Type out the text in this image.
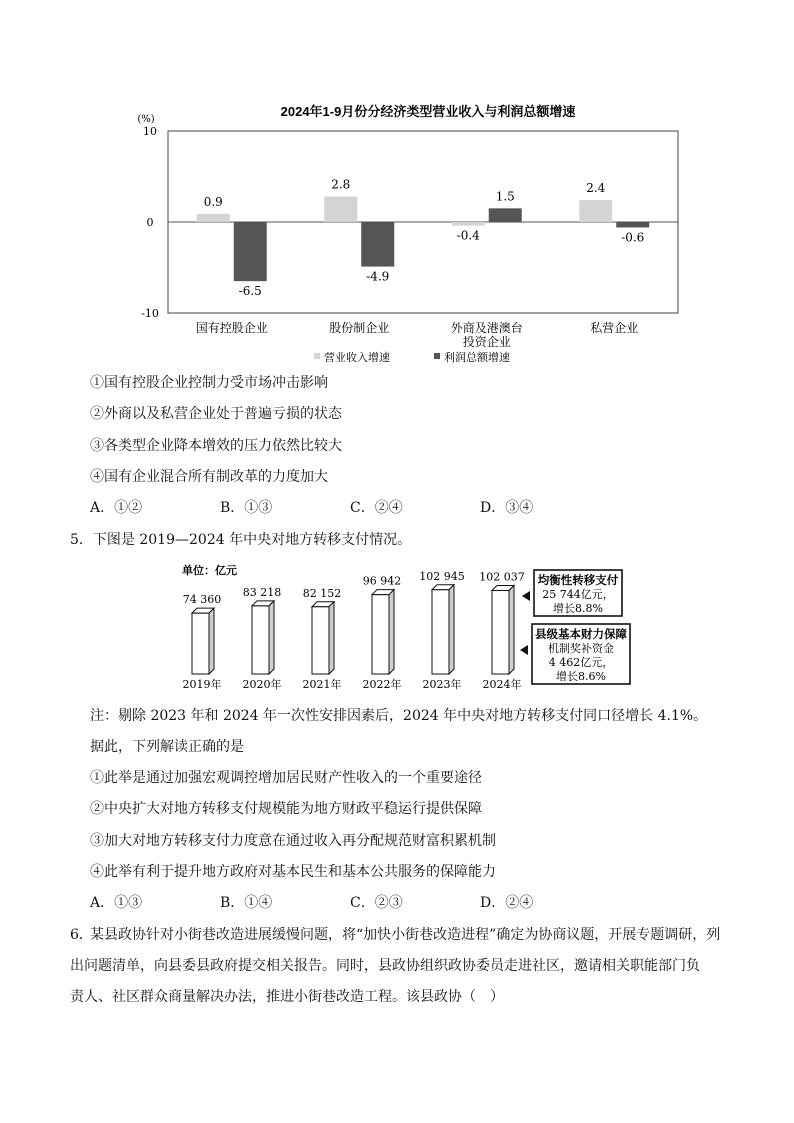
2024年1-9月份分经济类型营业收入与利润总额增速
(%)
10
0
-10
0.9
-6.5
2.8
-4.9
-0.4
1.5
2.4
-0.6
国有控股企业	股份制企业	外商及港澳台
投资企业
私营企业
营业收入增速	利润总额增速
①国有控股企业控制力受市场冲击影响
②外商以及私营企业处于普遍亏损的状态
③各类型企业降本增效的压力依然比较大
④国有企业混合所有制改革的力度加大
A．①②	B．①③	C．②④	D．③④
5．下图是 2019—2024 年中央对地方转移支付情况。
单位：亿元
74 360
2019年
83 218
2020年
82 152
2021年
96 942
2022年
102 945
2023年
102 037
2024年
均衡性转移支付
25 744亿元，
增长8.8%
县级基本财力保障
机制奖补资金
4 462亿元，
增长8.6%
注：剔除 2023 年和 2024 年一次性安排因素后，2024 年中央对地方转移支付同口径增长 4.1%。
据此，下列解读正确的是
①此举是通过加强宏观调控增加居民财产性收入的一个重要途径
②中央扩大对地方转移支付规模能为地方财政平稳运行提供保障
③加大对地方转移支付力度意在通过收入再分配规范财富积累机制
④此举有利于提升地方政府对基本民生和基本公共服务的保障能力
A．①③	B．①④	C．②③	D．②④
6．
某县政协针对小街巷改造进展缓慢问题，将“加快小街巷改造进程”确定为协商议题，开展专题调研，列
出问题清单，向县委县政府提交相关报告。同时，县政协组织政协委员走进社区，邀请相关职能部门负
责人、社区群众商量解决办法，推进小街巷改造工程。该县政协（　）
